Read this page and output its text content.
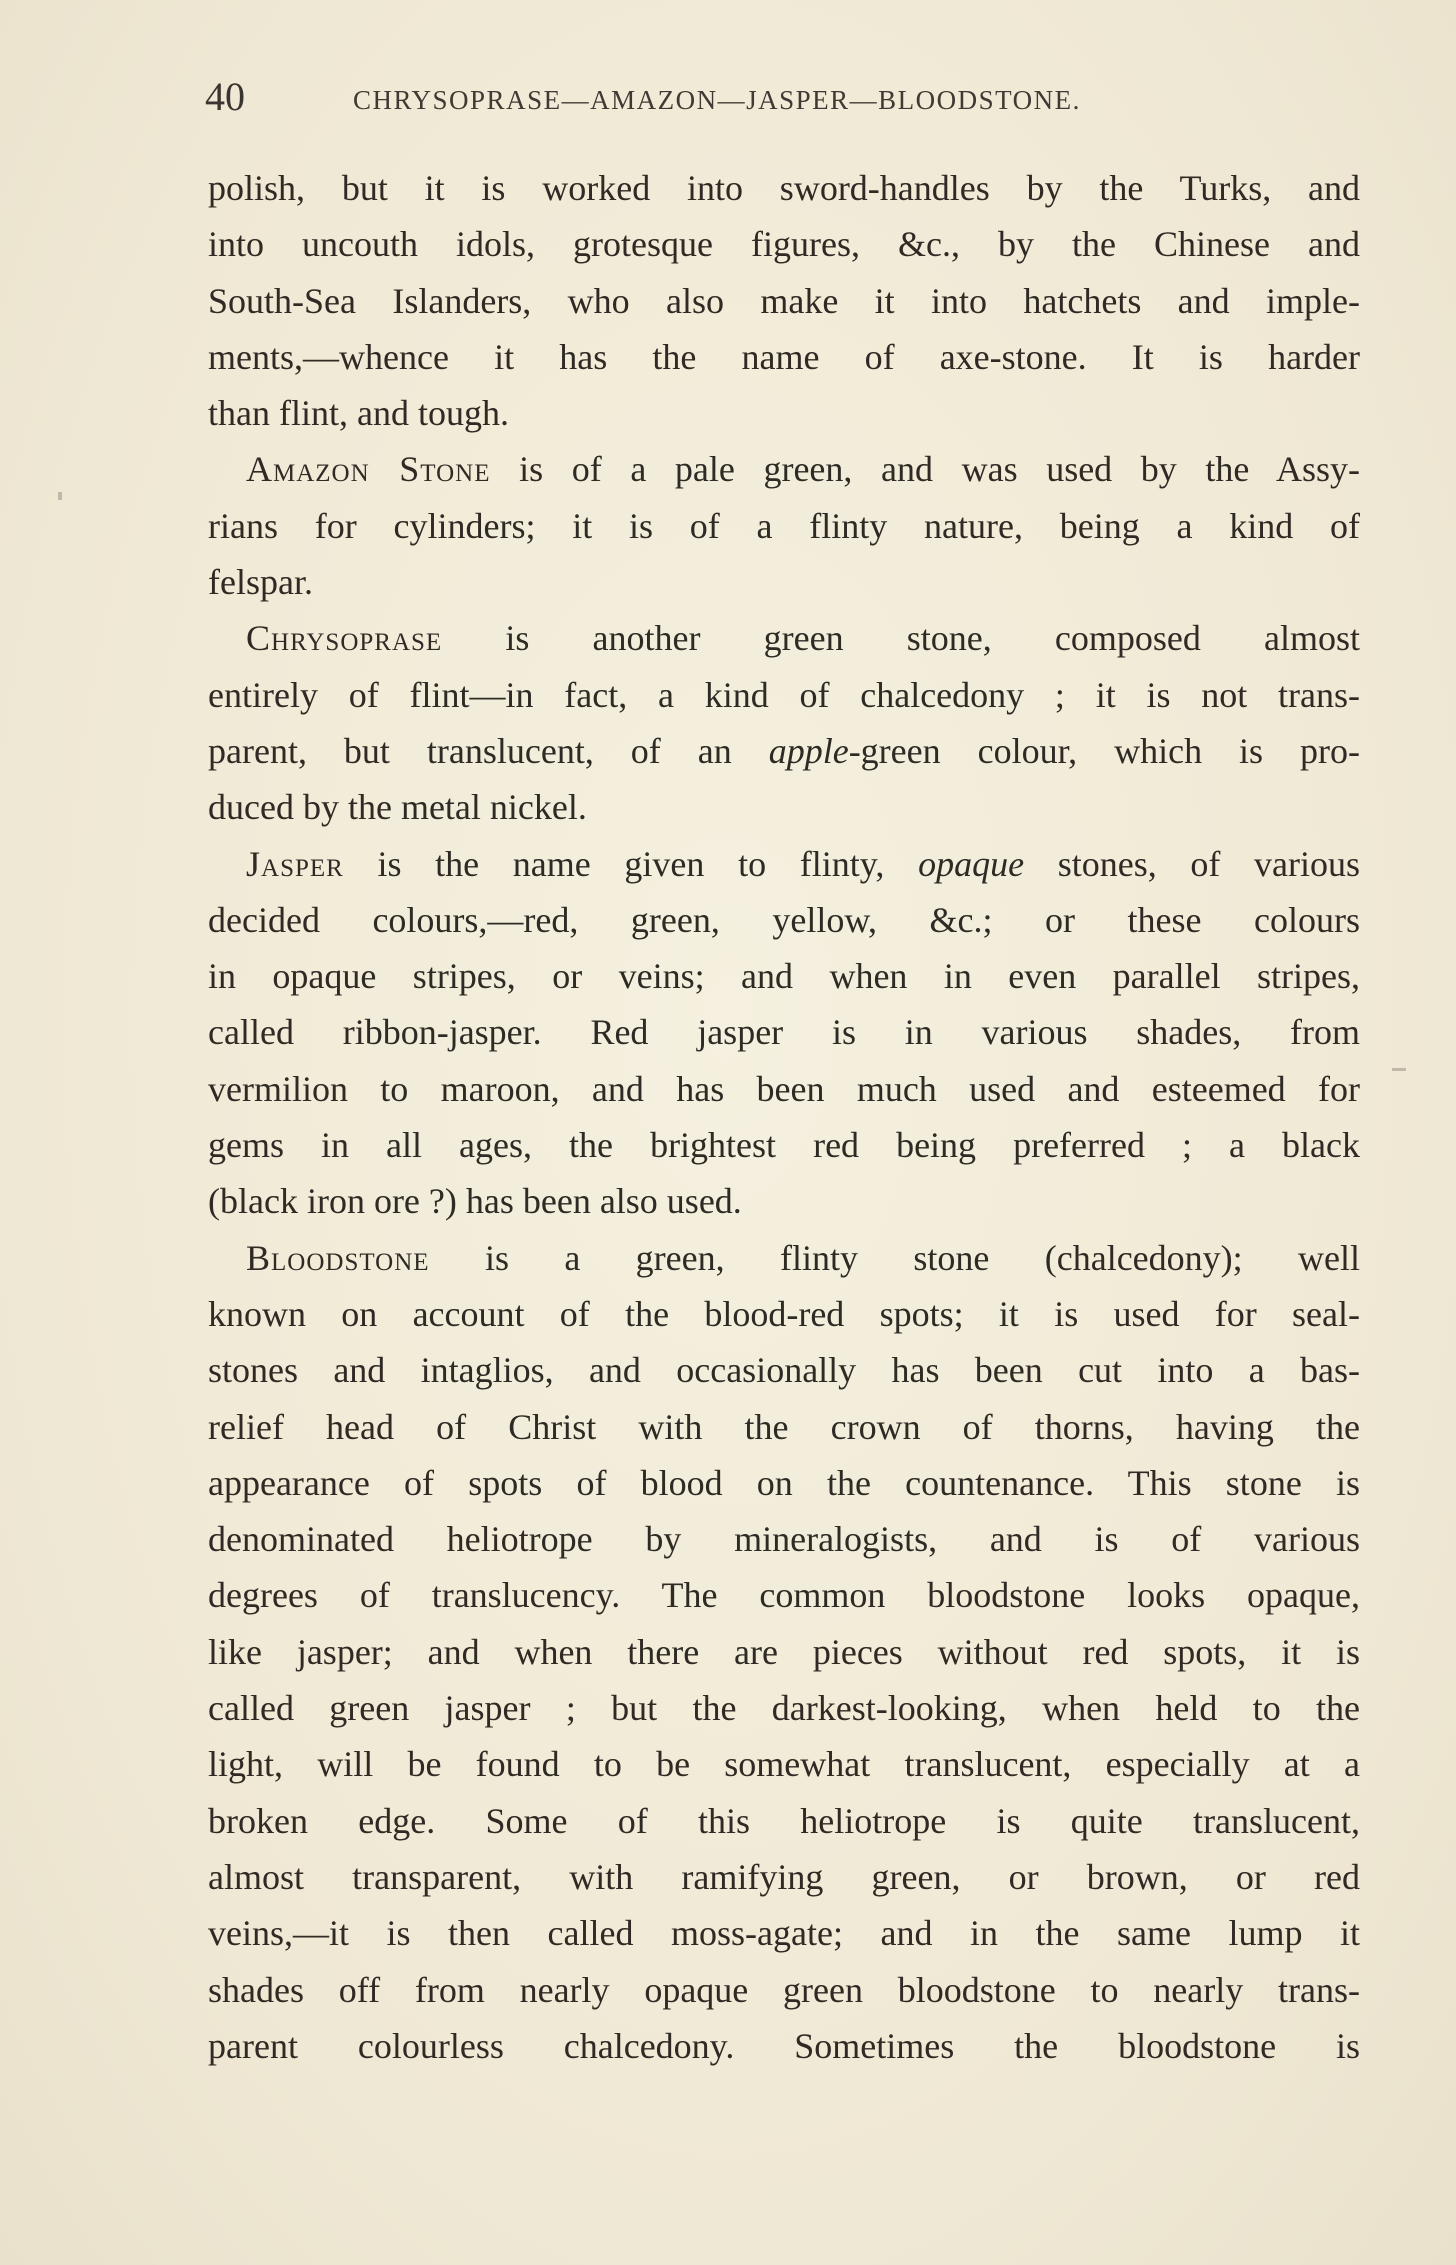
40	CHRYSOPRASE—AMAZON—JASPER—BLOODSTONE.
polish, but it is worked into sword-handles by the Turks, and
into uncouth idols, grotesque figures, &c., by the Chinese and
South-Sea Islanders, who also make it into hatchets and imple-
ments,—whence it has the name of axe-stone. It is harder
than flint, and tough.
Amazon Stone is of a pale green, and was used by the Assy-
rians for cylinders; it is of a flinty nature, being a kind of
felspar.
Chrysoprase is another green stone, composed almost
entirely of flint—in fact, a kind of chalcedony ; it is not trans-
parent, but translucent, of an apple-green colour, which is pro-
duced by the metal nickel.
Jasper is the name given to flinty, opaque stones, of various
decided colours,—red, green, yellow, &c.; or these colours
in opaque stripes, or veins; and when in even parallel stripes,
called ribbon-jasper. Red jasper is in various shades, from
vermilion to maroon, and has been much used and esteemed for
gems in all ages, the brightest red being preferred ; a black
(black iron ore ?) has been also used.
Bloodstone is a green, flinty stone (chalcedony); well
known on account of the blood-red spots; it is used for seal-
stones and intaglios, and occasionally has been cut into a bas-
relief head of Christ with the crown of thorns, having the
appearance of spots of blood on the countenance. This stone is
denominated heliotrope by mineralogists, and is of various
degrees of translucency. The common bloodstone looks opaque,
like jasper; and when there are pieces without red spots, it is
called green jasper ; but the darkest-looking, when held to the
light, will be found to be somewhat translucent, especially at a
broken edge. Some of this heliotrope is quite translucent,
almost transparent, with ramifying green, or brown, or red
veins,—it is then called moss-agate; and in the same lump it
shades off from nearly opaque green bloodstone to nearly trans-
parent colourless chalcedony. Sometimes the bloodstone is
